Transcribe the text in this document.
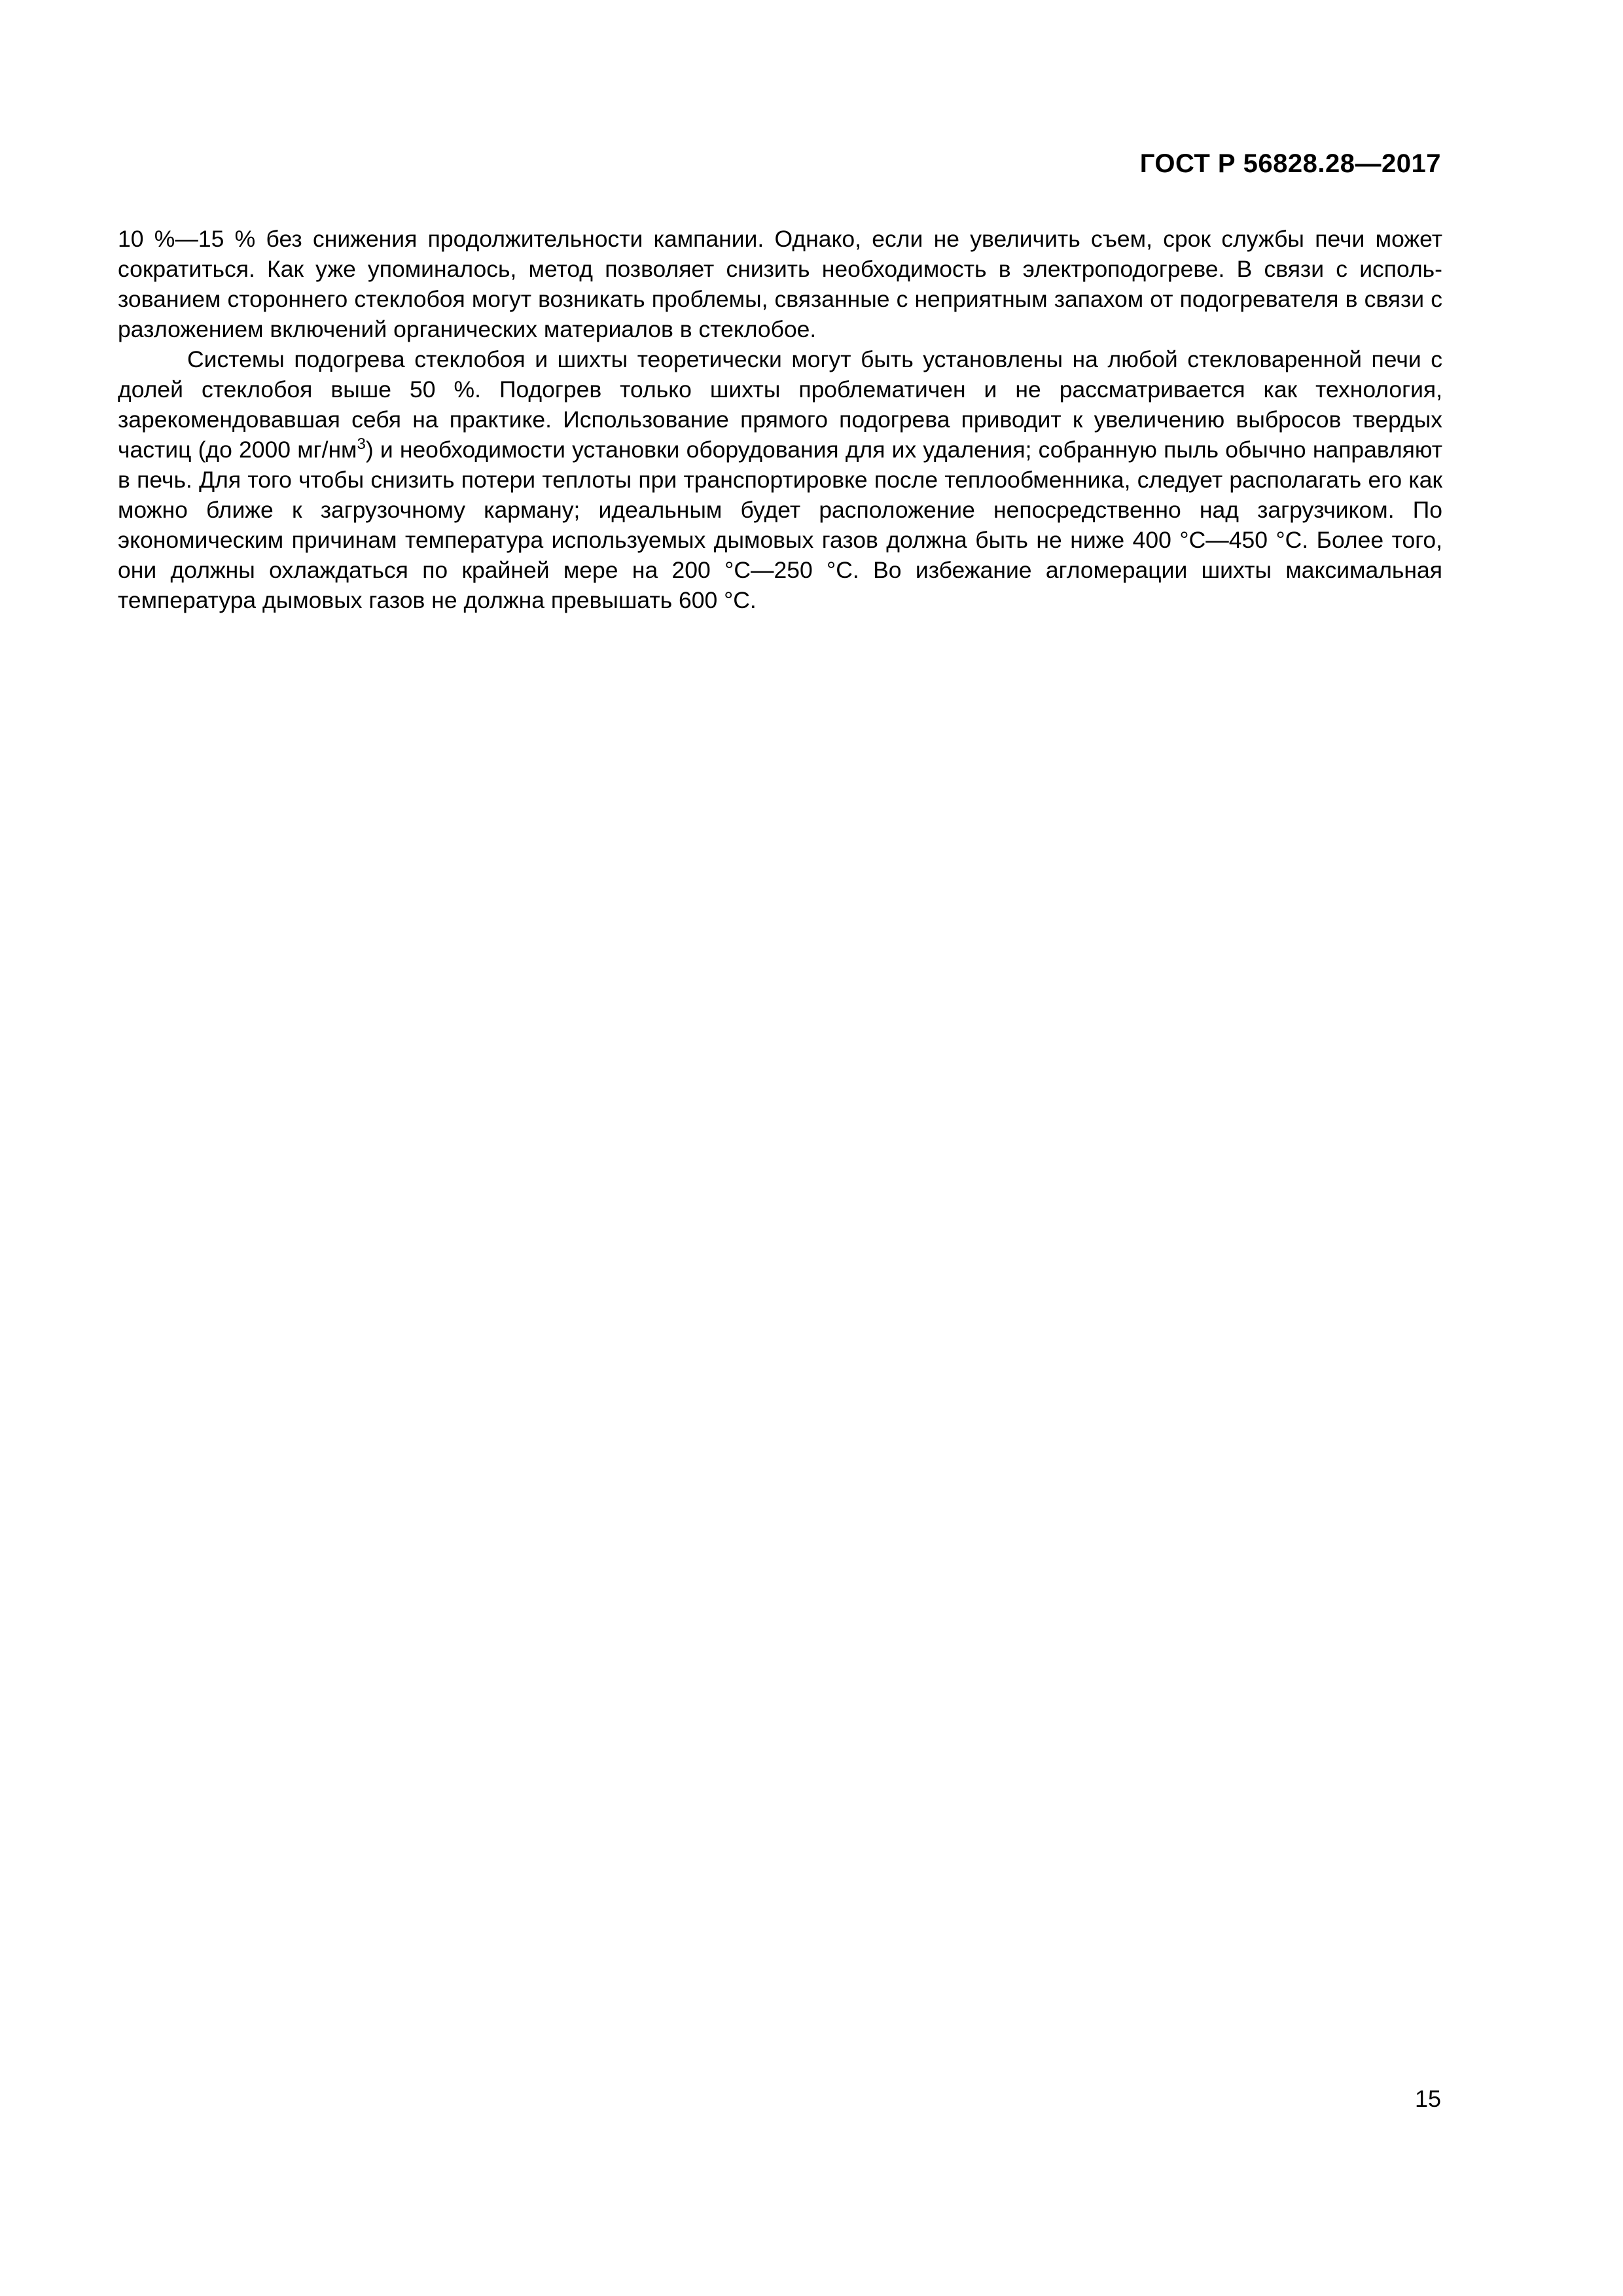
ГОСТ Р 56828.28—2017

10 %—15 % без снижения продолжительности кампании. Однако, если не увеличить съем, срок службы печи может сократиться. Как уже упоминалось, метод позволяет снизить необходимость в электроподогреве. В связи с использованием стороннего стеклобоя могут возникать проблемы, связанные с неприятным запахом от подогревателя в связи с разложением включений органических материалов в стеклобое.

Системы подогрева стеклобоя и шихты теоретически могут быть установлены на любой стекловаренной печи с долей стеклобоя выше 50 %. Подогрев только шихты проблематичен и не рассматривается как технология, зарекомендовавшая себя на практике. Использование прямого подогрева приводит к увеличению выбросов твердых частиц (до 2000 $мг/нм^3$) и необходимости установки оборудования для их удаления; собранную пыль обычно направляют в печь. Для того чтобы снизить потери теплоты при транспортировке после теплообменника, следует располагать его как можно ближе к загрузочному карману; идеальным будет расположение непосредственно над загрузчиком. По экономическим причинам температура используемых дымовых газов должна быть не ниже 400 °С—450 °С. Более того, они должны охлаждаться по крайней мере на 200 °С—250 °С. Во избежание агломерации шихты максимальная температура дымовых газов не должна превышать 600 °С.

15
